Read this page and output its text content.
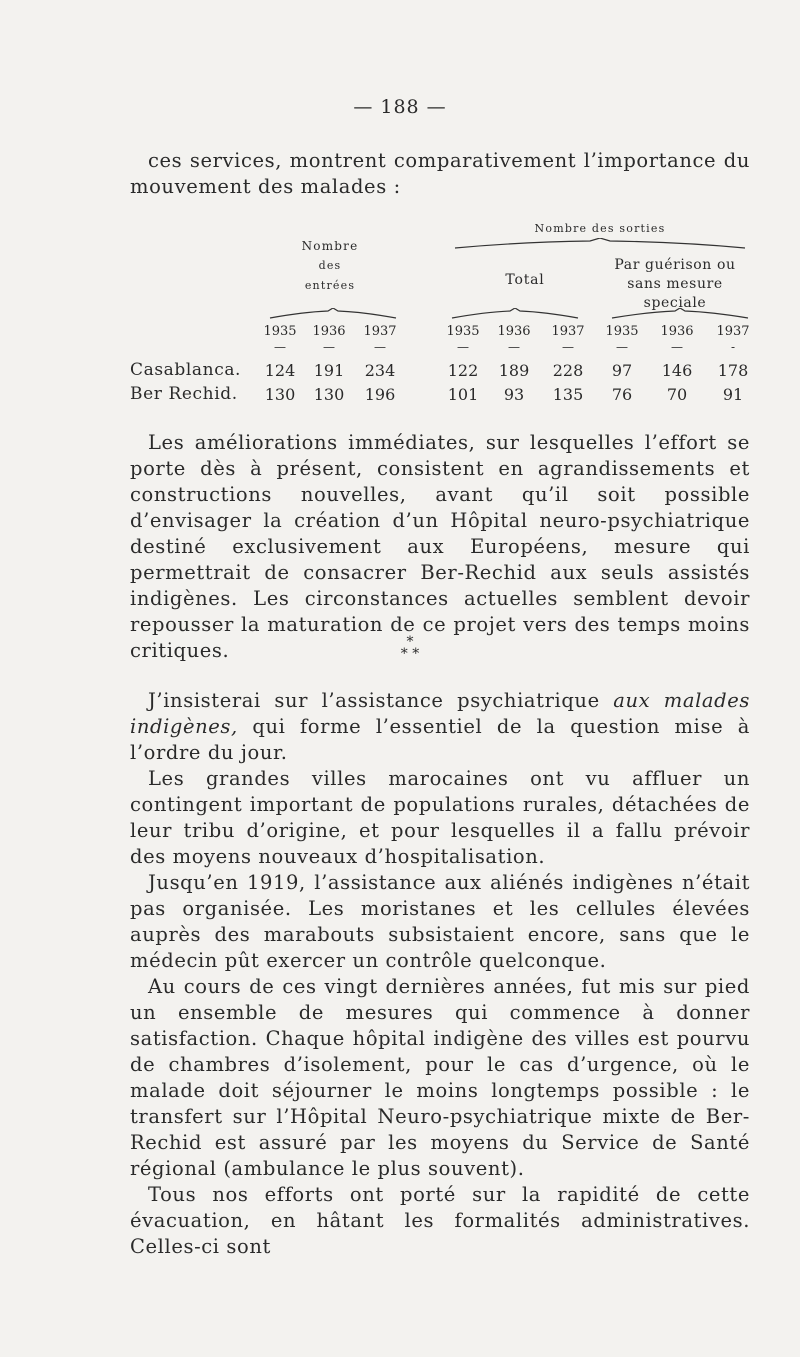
— 188 —

ces services, montrent comparativement l’importance du mouvement des malades :

Nombre
des
entrées
Nombre des sorties
Total
Par guérison ou
sans mesure
speciale
1935	1936	1937	1935	1936	1937	1935	1936	1937
—	—	—	—	—	—	—	—	-
Casablanca.	124	191	234	122	189	228	97	146	178
Ber Rechid.	130	130	196	101	93	135	76	70	91

Les améliorations immédiates, sur lesquelles l’effort se porte dès à présent, consistent en agrandissements et constructions nouvelles, avant qu’il soit possible d’envisager la création d’un Hôpital neuro-psychiatrique destiné exclusivement aux Européens, mesure qui permettrait de consacrer Ber-Rechid aux seuls assistés indigènes. Les circonstances actuelles semblent devoir repousser la maturation de ce projet vers des temps moins critiques.	*
* *

J’insisterai sur l’assistance psychiatrique aux malades indigènes, qui forme l’essentiel de la question mise à l’ordre du jour.

Les grandes villes marocaines ont vu affluer un contingent important de populations rurales, détachées de leur tribu d’origine, et pour lesquelles il a fallu prévoir des moyens nouveaux d’hospitalisation.

Jusqu’en 1919, l’assistance aux aliénés indigènes n’était pas organisée. Les moristanes et les cellules élevées auprès des marabouts subsistaient encore, sans que le médecin pût exercer un contrôle quelconque.

Au cours de ces vingt dernières années, fut mis sur pied un ensemble de mesures qui commence à donner satisfaction. Chaque hôpital indigène des villes est pourvu de chambres d’isolement, pour le cas d’urgence, où le malade doit séjourner le moins longtemps possible : le transfert sur l’Hôpital Neuro-psychiatrique mixte de Ber-Rechid est assuré par les moyens du Service de Santé régional (ambulance le plus souvent).

Tous nos efforts ont porté sur la rapidité de cette évacuation, en hâtant les formalités administratives. Celles-ci sont
